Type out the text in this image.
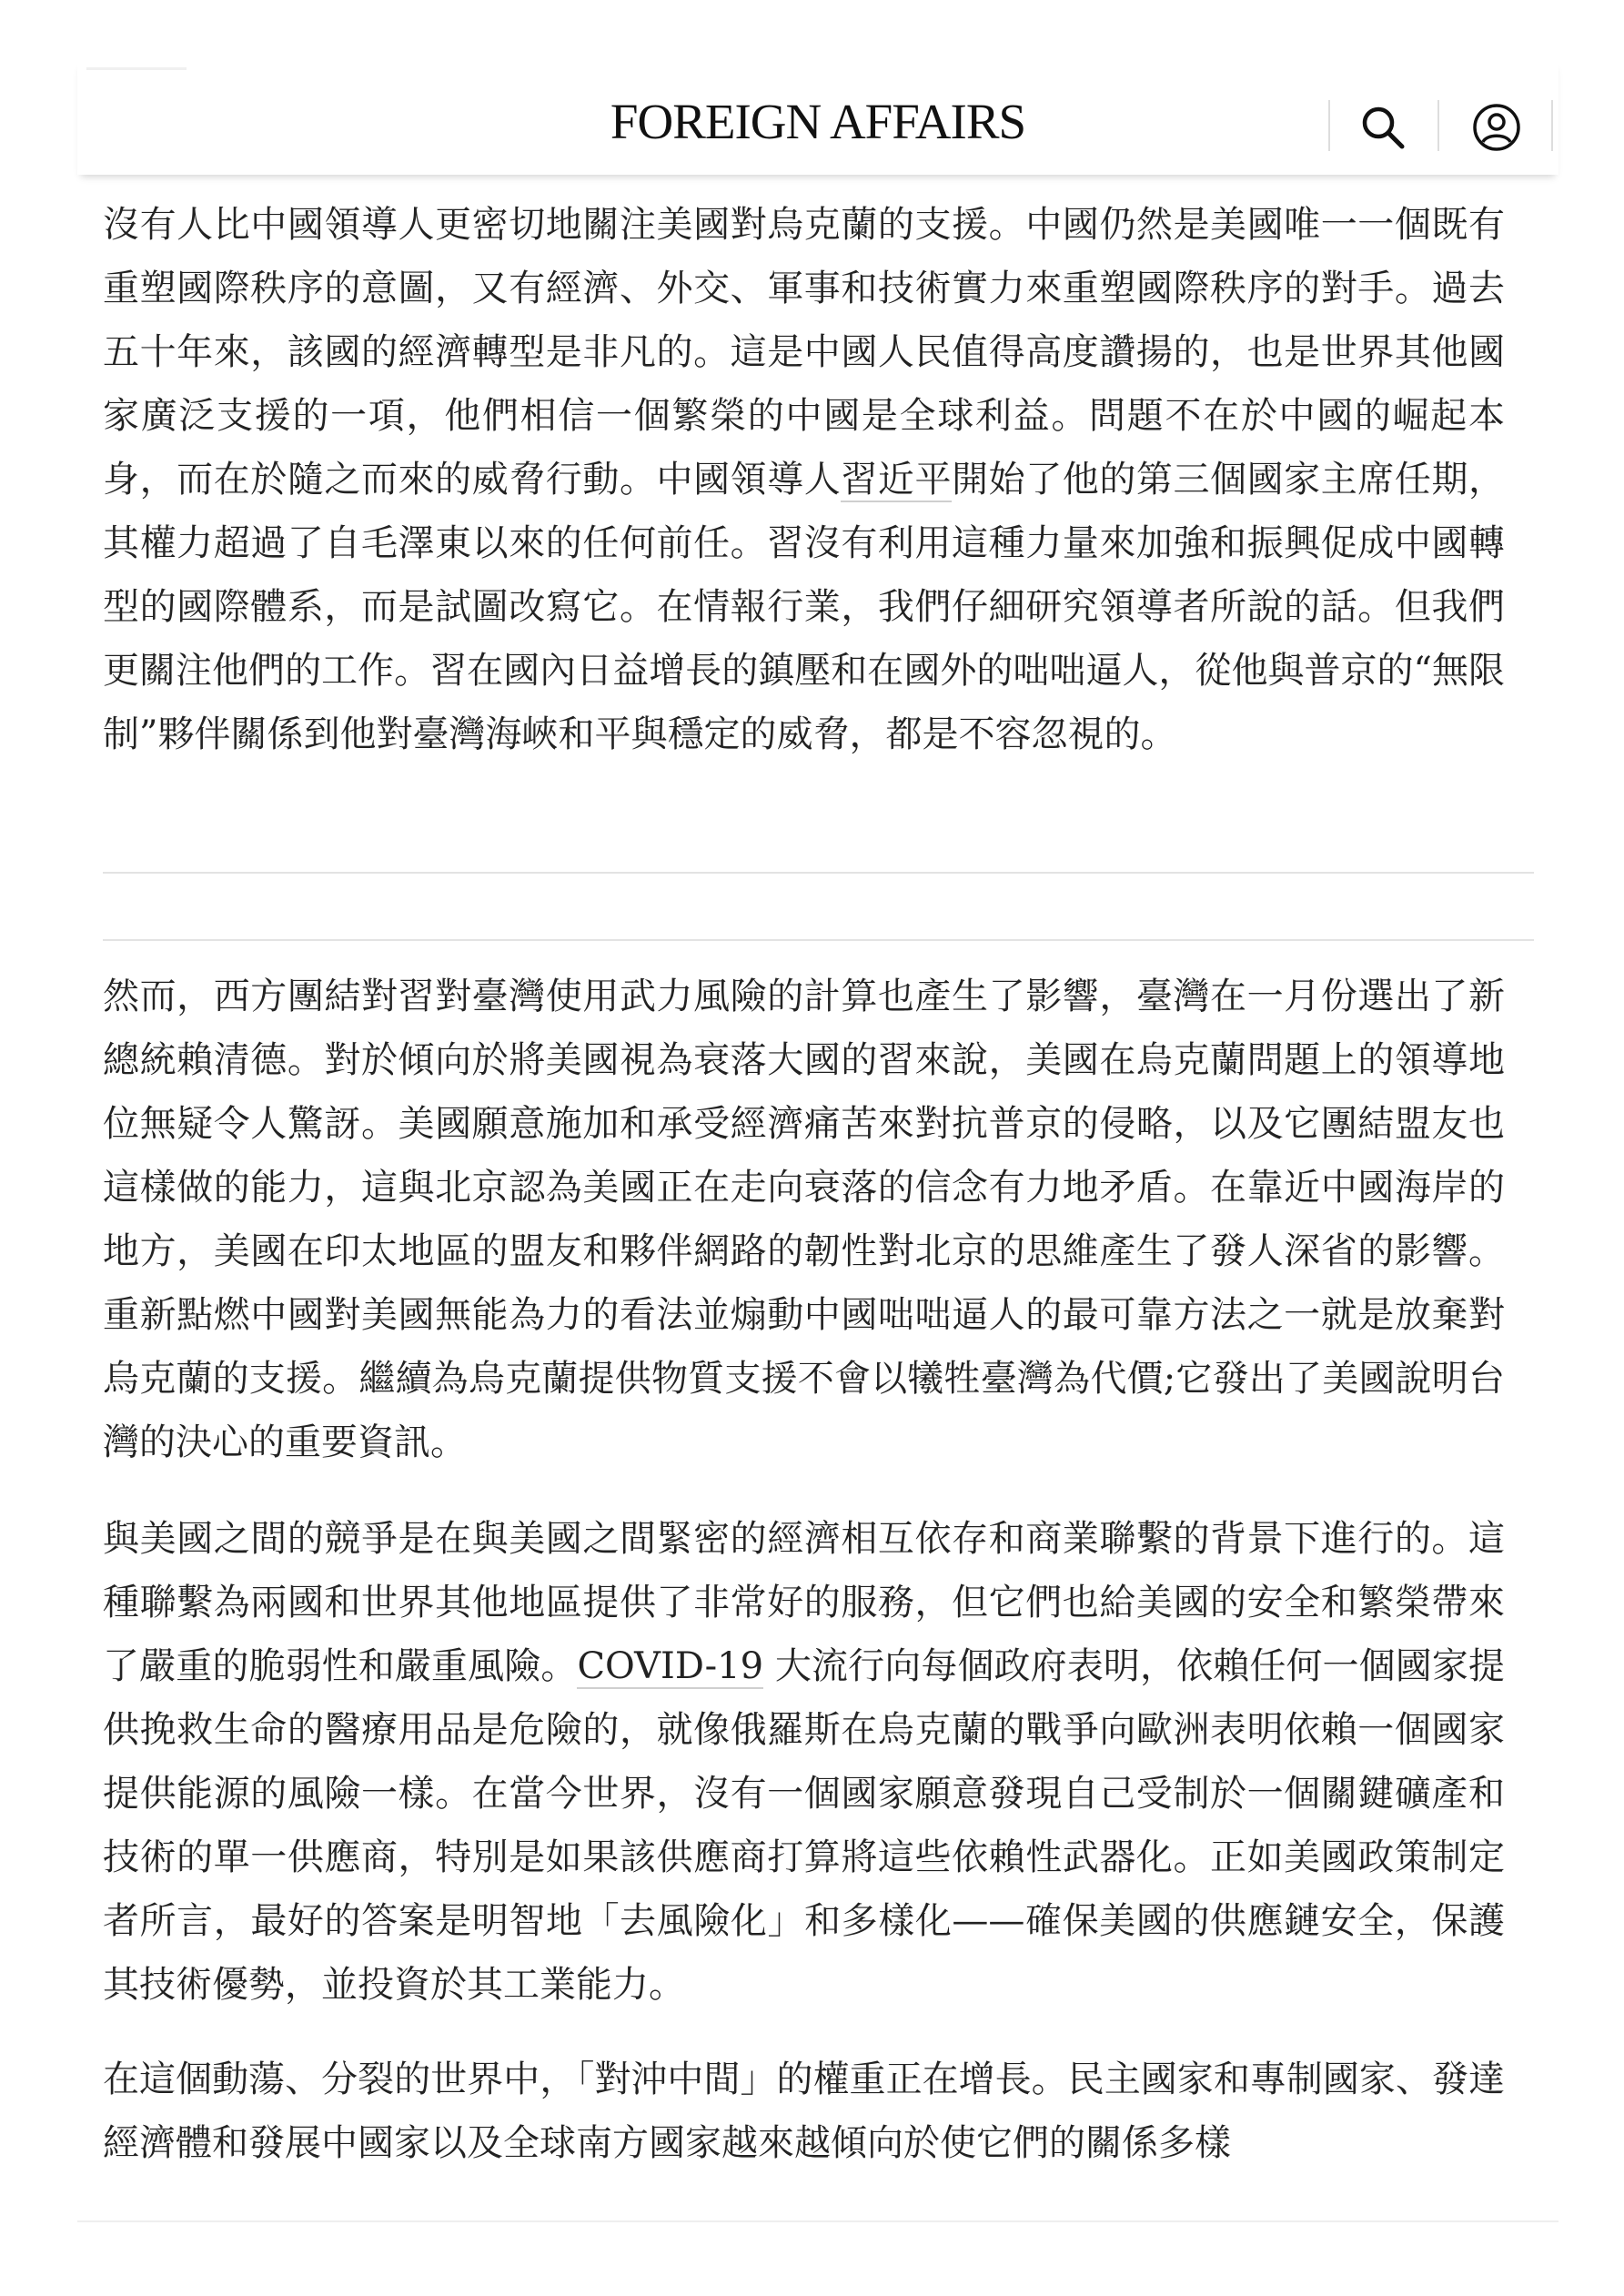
FOREIGN AFFAIRS

沒有人比中國領導人更密切地關注美國對烏克蘭的支援。中國仍然是美國唯一一個既有重塑國際秩序的意圖，又有經濟、外交、軍事和技術實力來重塑國際秩序的對手。過去五十年來，該國的經濟轉型是非凡的。這是中國人民值得高度讚揚的，也是世界其他國家廣泛支援的一項，他們相信一個繁榮的中國是全球利益。問題不在於中國的崛起本身，而在於隨之而來的威脅行動。中國領導人習近平開始了他的第三個國家主席任期，其權力超過了自毛澤東以來的任何前任。習沒有利用這種力量來加強和振興促成中國轉型的國際體系，而是試圖改寫它。在情報行業，我們仔細研究領導者所說的話。但我們更關注他們的工作。習在國內日益增長的鎮壓和在國外的咄咄逼人，從他與普京的“無限制”夥伴關係到他對臺灣海峽和平與穩定的威脅，都是不容忽視的。

然而，西方團結對習對臺灣使用武力風險的計算也產生了影響，臺灣在一月份選出了新總統賴清德。對於傾向於將美國視為衰落大國的習來說，美國在烏克蘭問題上的領導地位無疑令人驚訝。美國願意施加和承受經濟痛苦來對抗普京的侵略，以及它團結盟友也這樣做的能力，這與北京認為美國正在走向衰落的信念有力地矛盾。在靠近中國海岸的地方，美國在印太地區的盟友和夥伴網路的韌性對北京的思維產生了發人深省的影響。重新點燃中國對美國無能為力的看法並煽動中國咄咄逼人的最可靠方法之一就是放棄對烏克蘭的支援。繼續為烏克蘭提供物質支援不會以犧牲臺灣為代價;它發出了美國說明台灣的決心的重要資訊。

與美國之間的競爭是在與美國之間緊密的經濟相互依存和商業聯繫的背景下進行的。這種聯繫為兩國和世界其他地區提供了非常好的服務，但它們也給美國的安全和繁榮帶來了嚴重的脆弱性和嚴重風險。COVID-19 大流行向每個政府表明，依賴任何一個國家提供挽救生命的醫療用品是危險的，就像俄羅斯在烏克蘭的戰爭向歐洲表明依賴一個國家提供能源的風險一樣。在當今世界，沒有一個國家願意發現自己受制於一個關鍵礦產和技術的單一供應商，特別是如果該供應商打算將這些依賴性武器化。正如美國政策制定者所言，最好的答案是明智地「去風險化」和多樣化——確保美國的供應鏈安全，保護其技術優勢，並投資於其工業能力。

在這個動蕩、分裂的世界中，「對沖中間」的權重正在增長。民主國家和專制國家、發達經濟體和發展中國家以及全球南方國家越來越傾向於使它們的關係多樣
